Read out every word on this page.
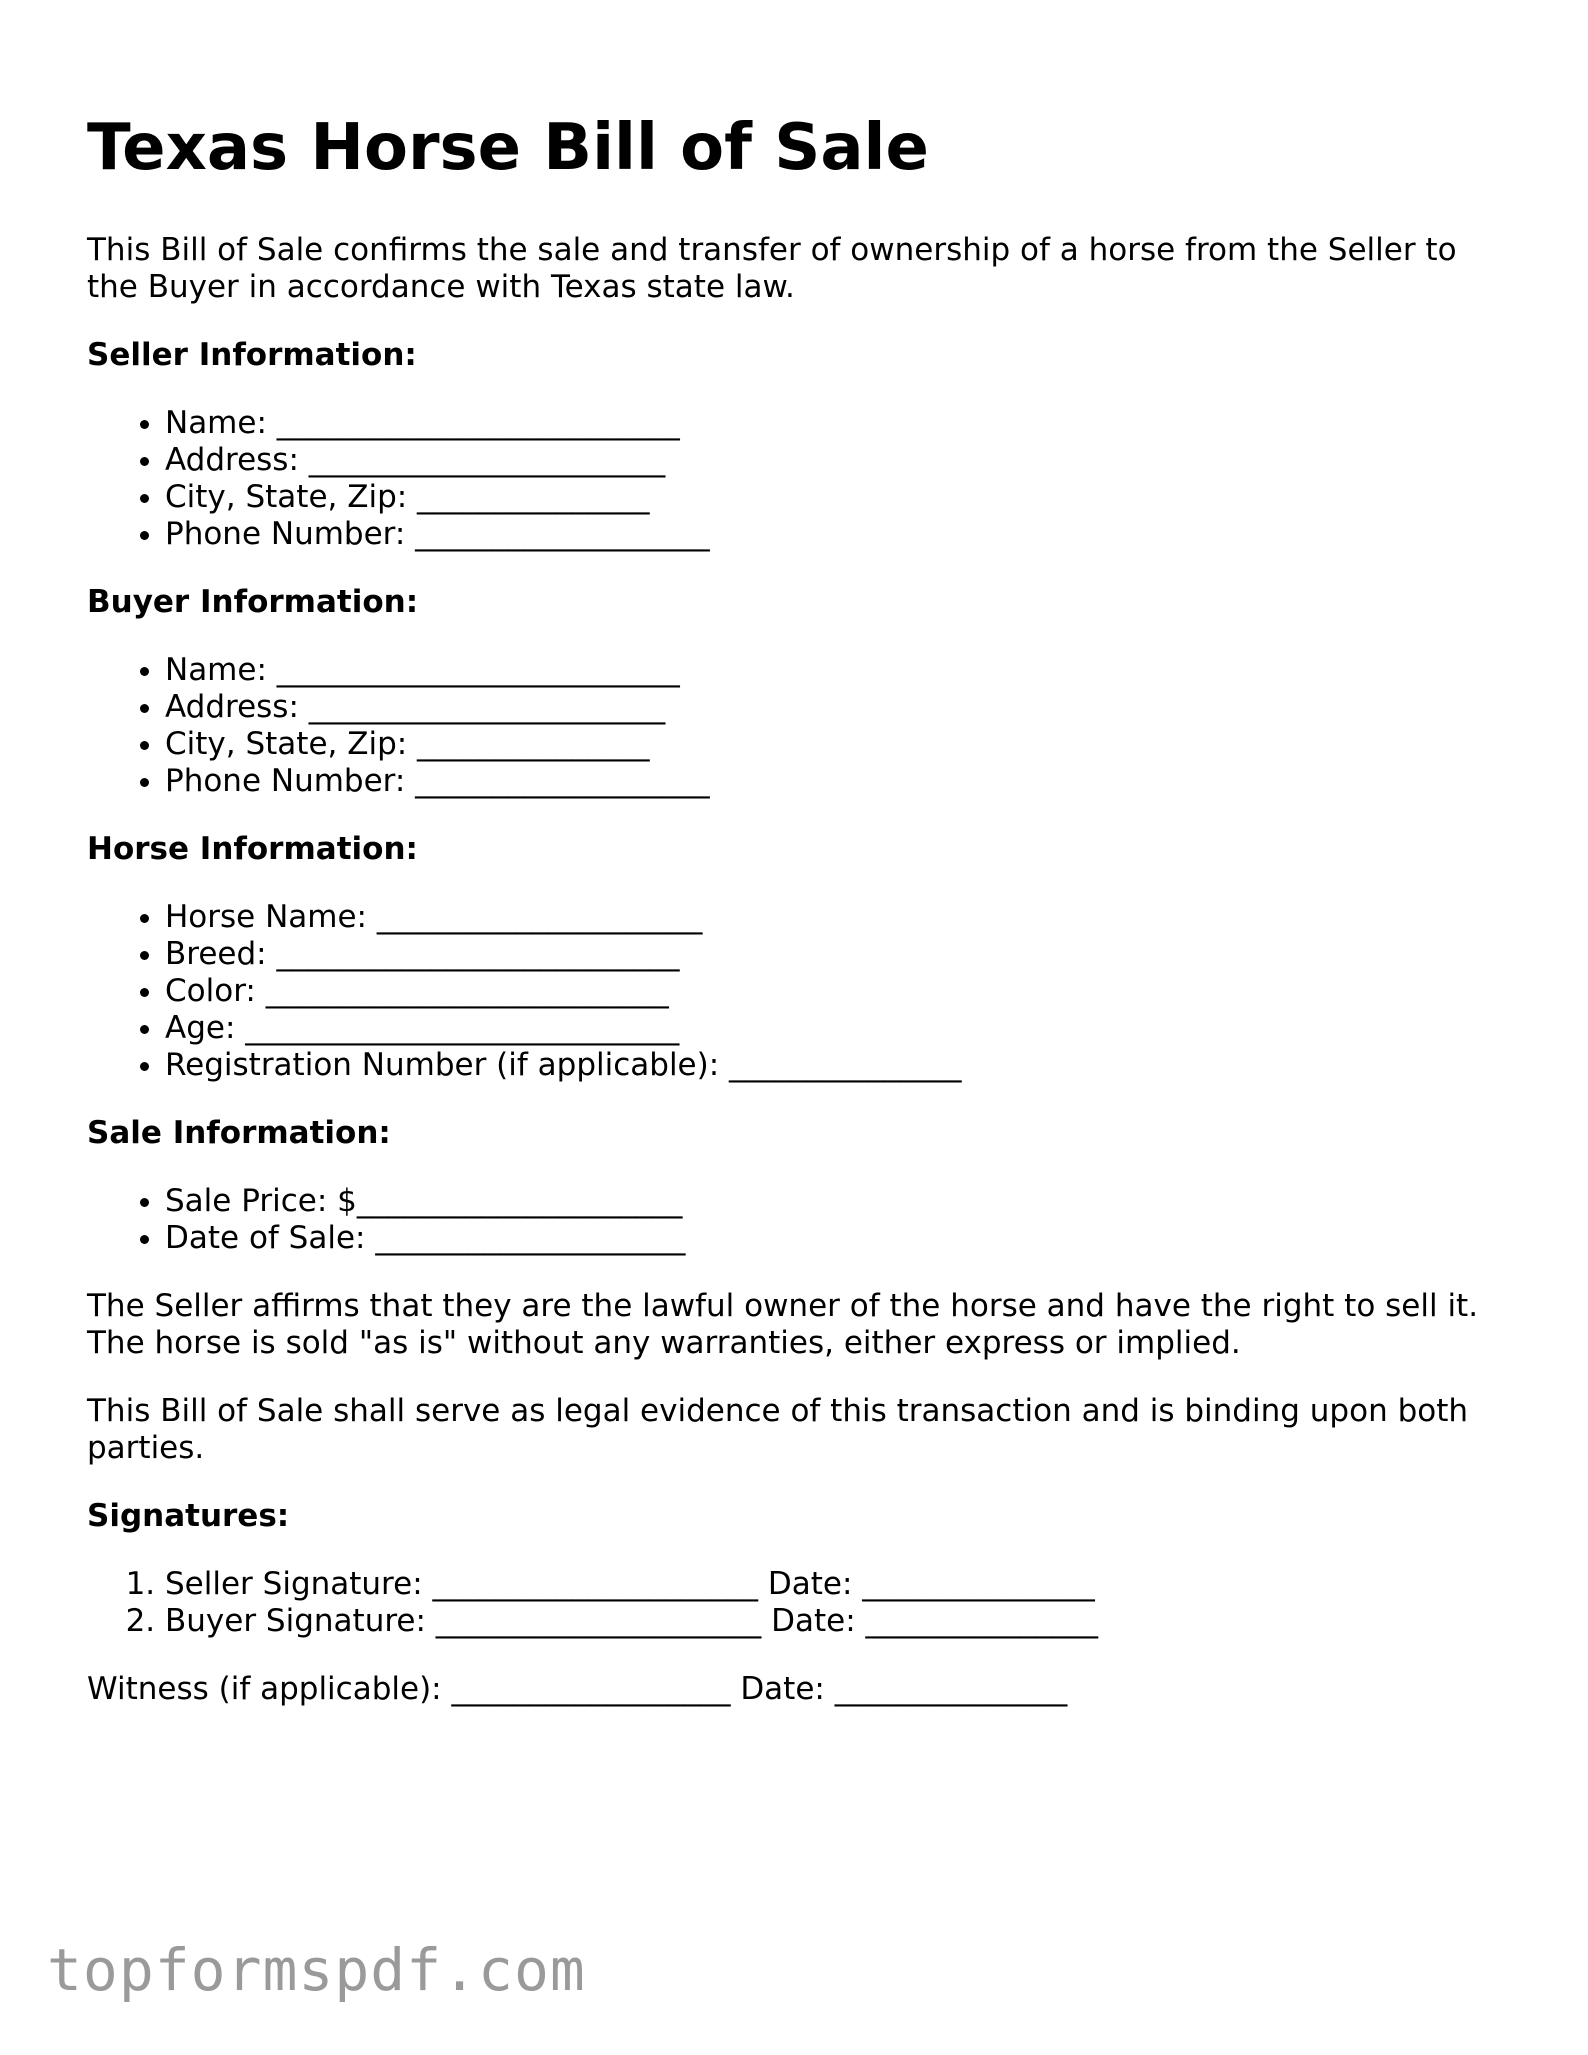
Texas Horse Bill of Sale

This Bill of Sale confirms the sale and transfer of ownership of a horse from the Seller to the Buyer in accordance with Texas state law.

Seller Information:
• Name: __________________________
• Address: _______________________
• City, State, Zip: _______________
• Phone Number: ___________________
Buyer Information:
• Name: __________________________
• Address: _______________________
• City, State, Zip: _______________
• Phone Number: ___________________
Horse Information:
• Horse Name: _____________________
• Breed: __________________________
• Color: __________________________
• Age: ____________________________
• Registration Number (if applicable): _______________
Sale Information:
• Sale Price: $_____________________
• Date of Sale: ____________________

The Seller affirms that they are the lawful owner of the horse and have the right to sell it. The horse is sold "as is" without any warranties, either express or implied.

This Bill of Sale shall serve as legal evidence of this transaction and is binding upon both parties.

Signatures:
1. Seller Signature: _____________________ Date: _______________
2. Buyer Signature: _____________________ Date: _______________

Witness (if applicable): __________________ Date: _______________

topformspdf.com
